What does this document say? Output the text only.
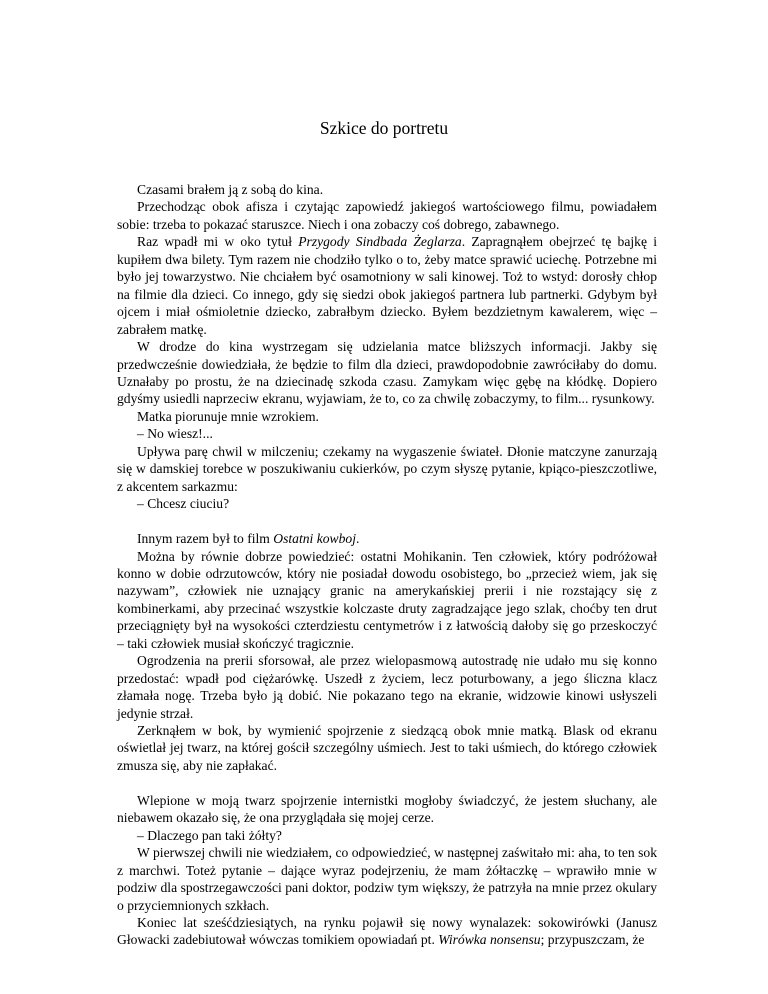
Szkice do portretu

Czasami brałem ją z sobą do kina.

Przechodząc obok afisza i czytając zapowiedź jakiegoś wartościowego filmu, powiadałem sobie: trzeba to pokazać staruszce. Niech i ona zobaczy coś dobrego, zabawnego.

Raz wpadł mi w oko tytuł Przygody Sindbada Żeglarza. Zapragnąłem obejrzeć tę bajkę i kupiłem dwa bilety. Tym razem nie chodziło tylko o to, żeby matce sprawić uciechę. Potrzebne mi było jej towarzystwo. Nie chciałem być osamotniony w sali kinowej. Toż to wstyd: dorosły chłop na filmie dla dzieci. Co innego, gdy się siedzi obok jakiegoś partnera lub partnerki. Gdybym był ojcem i miał ośmioletnie dziecko, zabrałbym dziecko. Byłem bezdzietnym kawalerem, więc – zabrałem matkę.

W drodze do kina wystrzegam się udzielania matce bliższych informacji. Jakby się przedwcześnie dowiedziała, że będzie to film dla dzieci, prawdopodobnie zawróciłaby do domu. Uznałaby po prostu, że na dziecinadę szkoda czasu. Zamykam więc gębę na kłódkę. Dopiero gdyśmy usiedli naprzeciw ekranu, wyjawiam, że to, co za chwilę zobaczymy, to film... rysunkowy.

Matka piorunuje mnie wzrokiem.

– No wiesz!...

Upływa parę chwil w milczeniu; czekamy na wygaszenie świateł. Dłonie matczyne zanurzają się w damskiej torebce w poszukiwaniu cukierków, po czym słyszę pytanie, kpiąco-pieszczotliwe, z akcentem sarkazmu:

– Chcesz ciuciu?

Innym razem był to film Ostatni kowboj.

Można by równie dobrze powiedzieć: ostatni Mohikanin. Ten człowiek, który podróżował konno w dobie odrzutowców, który nie posiadał dowodu osobistego, bo „przecież wiem, jak się nazywam”, człowiek nie uznający granic na amerykańskiej prerii i nie rozstający się z kombinerkami, aby przecinać wszystkie kolczaste druty zagradzające jego szlak, choćby ten drut przeciągnięty był na wysokości czterdziestu centymetrów i z łatwością dałoby się go przeskoczyć – taki człowiek musiał skończyć tragicznie.

Ogrodzenia na prerii sforsował, ale przez wielopasmową autostradę nie udało mu się konno przedostać: wpadł pod ciężarówkę. Uszedł z życiem, lecz poturbowany, a jego śliczna klacz złamała nogę. Trzeba było ją dobić. Nie pokazano tego na ekranie, widzowie kinowi usłyszeli jedynie strzał.

Zerknąłem w bok, by wymienić spojrzenie z siedzącą obok mnie matką. Blask od ekranu oświetlał jej twarz, na której gościł szczególny uśmiech. Jest to taki uśmiech, do którego człowiek zmusza się, aby nie zapłakać.

Wlepione w moją twarz spojrzenie internistki mogłoby świadczyć, że jestem słuchany, ale niebawem okazało się, że ona przyglądała się mojej cerze.

– Dlaczego pan taki żółty?

W pierwszej chwili nie wiedziałem, co odpowiedzieć, w następnej zaświtało mi: aha, to ten sok z marchwi. Toteż pytanie – dające wyraz podejrzeniu, że mam żółtaczkę – wprawiło mnie w podziw dla spostrzegawczości pani doktor, podziw tym większy, że patrzyła na mnie przez okulary o przyciemnionych szkłach.

Koniec lat sześćdziesiątych, na rynku pojawił się nowy wynalazek: sokowirówki (Janusz Głowacki zadebiutował wówczas tomikiem opowiadań pt. Wirówka nonsensu; przypuszczam, że
